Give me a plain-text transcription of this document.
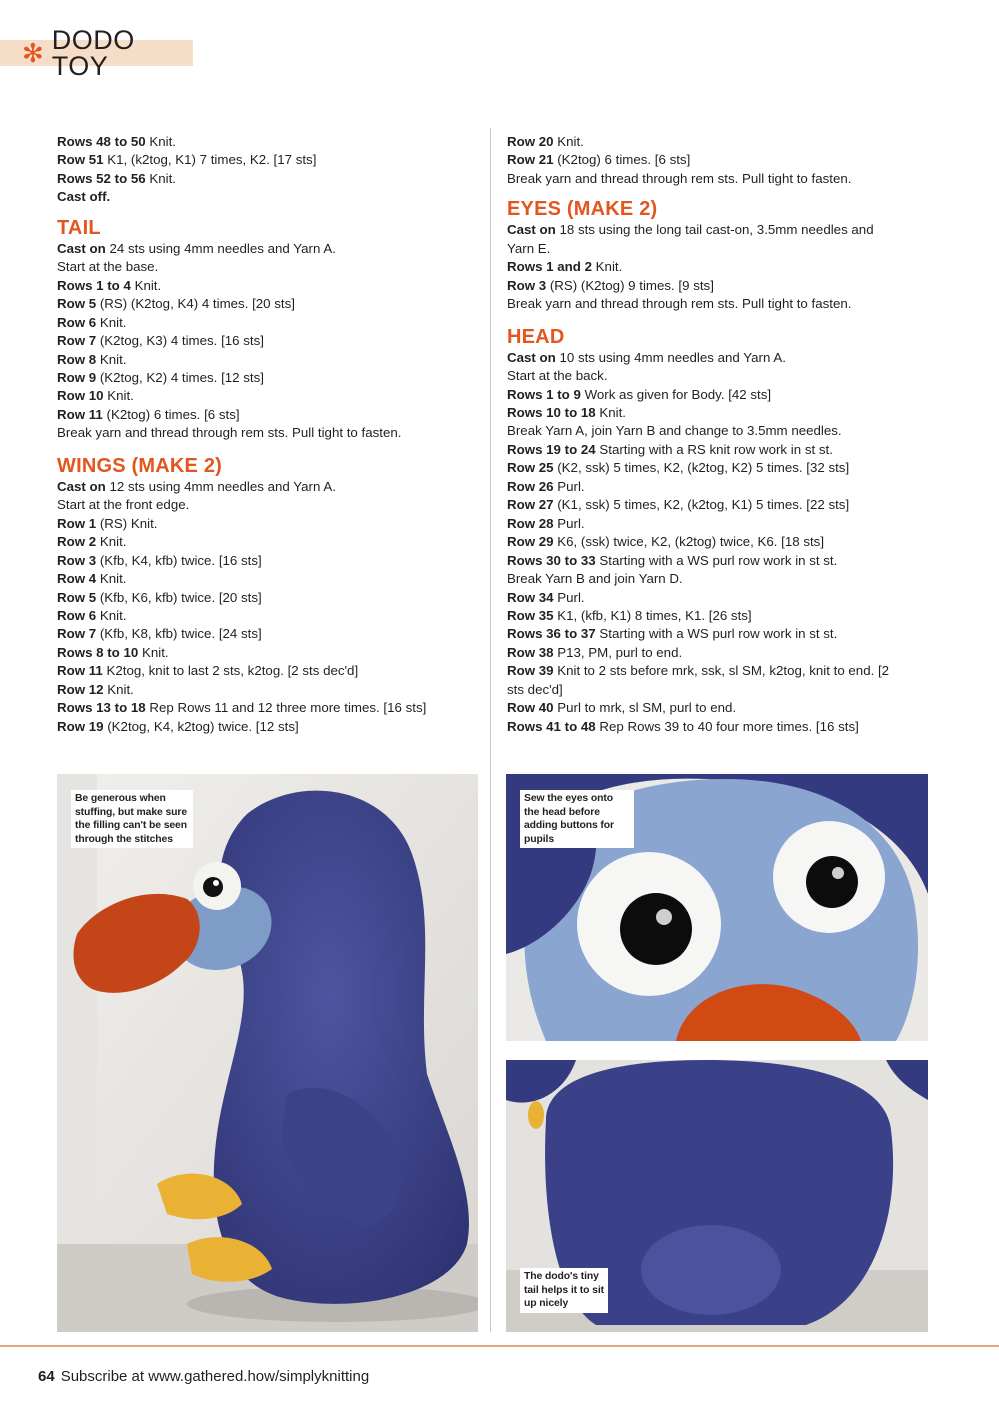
✻ DODO TOY

Rows 48 to 50 Knit.

Row 51 K1, (k2tog, K1) 7 times, K2. [17 sts]

Rows 52 to 56 Knit.

Cast off.

TAIL

Cast on 24 sts using 4mm needles and Yarn A.

Start at the base.

Rows 1 to 4 Knit.

Row 5 (RS) (K2tog, K4) 4 times. [20 sts]

Row 6 Knit.

Row 7 (K2tog, K3) 4 times. [16 sts]

Row 8 Knit.

Row 9 (K2tog, K2) 4 times. [12 sts]

Row 10 Knit.

Row 11 (K2tog) 6 times. [6 sts]

Break yarn and thread through rem sts. Pull tight to fasten.

WINGS (MAKE 2)

Cast on 12 sts using 4mm needles and Yarn A.

Start at the front edge.

Row 1 (RS) Knit.

Row 2 Knit.

Row 3 (Kfb, K4, kfb) twice. [16 sts]

Row 4 Knit.

Row 5 (Kfb, K6, kfb) twice. [20 sts]

Row 6 Knit.

Row 7 (Kfb, K8, kfb) twice. [24 sts]

Rows 8 to 10 Knit.

Row 11 K2tog, knit to last 2 sts, k2tog. [2 sts dec'd]

Row 12 Knit.

Rows 13 to 18 Rep Rows 11 and 12 three more times. [16 sts]

Row 19 (K2tog, K4, k2tog) twice. [12 sts]

Row 20 Knit.

Row 21 (K2tog) 6 times. [6 sts]

Break yarn and thread through rem sts. Pull tight to fasten.

EYES (MAKE 2)

Cast on 18 sts using the long tail cast-on, 3.5mm needles and Yarn E.

Rows 1 and 2 Knit.

Row 3 (RS) (K2tog) 9 times. [9 sts]

Break yarn and thread through rem sts. Pull tight to fasten.

HEAD

Cast on 10 sts using 4mm needles and Yarn A.

Start at the back.

Rows 1 to 9 Work as given for Body. [42 sts]

Rows 10 to 18 Knit.

Break Yarn A, join Yarn B and change to 3.5mm needles.

Rows 19 to 24 Starting with a RS knit row work in st st.

Row 25 (K2, ssk) 5 times, K2, (k2tog, K2) 5 times. [32 sts]

Row 26 Purl.

Row 27 (K1, ssk) 5 times, K2, (k2tog, K1) 5 times. [22 sts]

Row 28 Purl.

Row 29 K6, (ssk) twice, K2, (k2tog) twice, K6. [18 sts]

Rows 30 to 33 Starting with a WS purl row work in st st.

Break Yarn B and join Yarn D.

Row 34 Purl.

Row 35 K1, (kfb, K1) 8 times, K1. [26 sts]

Rows 36 to 37 Starting with a WS purl row work in st st.

Row 38 P13, PM, purl to end.

Row 39 Knit to 2 sts before mrk, ssk, sl SM, k2tog, knit to end. [2 sts dec'd]

Row 40 Purl to mrk, sl SM, purl to end.

Rows 41 to 48 Rep Rows 39 to 40 four more times. [16 sts]

Be generous when stuffing, but make sure the filling can't be seen through the stitches
Sew the eyes onto the head before adding buttons for pupils
The dodo's tiny tail helps it to sit up nicely
64 Subscribe at www.gathered.how/simplyknitting
